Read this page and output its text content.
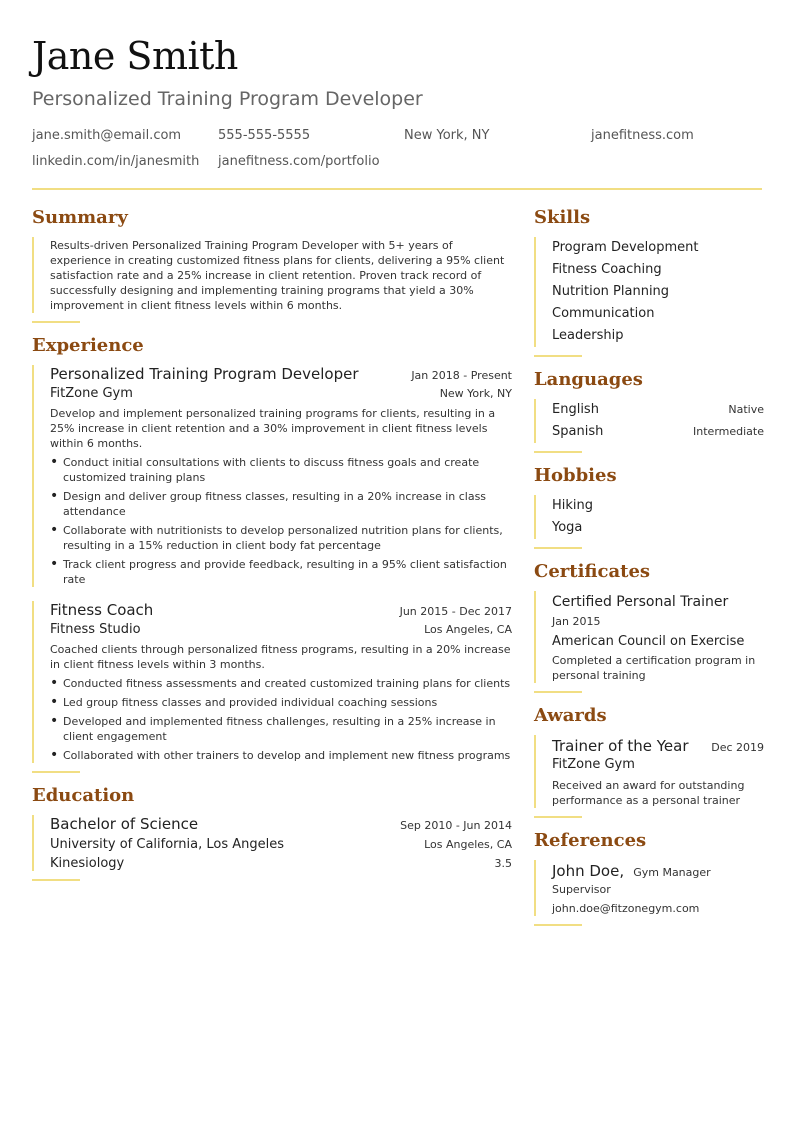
Jane Smith
Personalized Training Program Developer
jane.smith@email.com	555-555-5555	New York, NY	janefitness.com
linkedin.com/in/janesmith janefitness.com/portfolio
Summary

Results-driven Personalized Training Program Developer with 5+ years of experience in creating customized fitness plans for clients, delivering a 95% client satisfaction rate and a 25% increase in client retention. Proven track record of successfully designing and implementing training programs that yield a 30% improvement in client fitness levels within 6 months.

Experience
Personalized Training Program Developer	Jan 2018 - Present
FitZone Gym	New York, NY

Develop and implement personalized training programs for clients, resulting in a 25% increase in client retention and a 30% improvement in client fitness levels within 6 months.

• Conduct initial consultations with clients to discuss fitness goals and create customized training plans
• Design and deliver group fitness classes, resulting in a 20% increase in class attendance
• Collaborate with nutritionists to develop personalized nutrition plans for clients, resulting in a 15% reduction in client body fat percentage
• Track client progress and provide feedback, resulting in a 95% client satisfaction rate
Fitness Coach	Jun 2015 - Dec 2017
Fitness Studio	Los Angeles, CA

Coached clients through personalized fitness programs, resulting in a 20% increase in client fitness levels within 3 months.

• Conducted fitness assessments and created customized training plans for clients
• Led group fitness classes and provided individual coaching sessions
• Developed and implemented fitness challenges, resulting in a 25% increase in client engagement
• Collaborated with other trainers to develop and implement new fitness programs
Education
Bachelor of Science	Sep 2010 - Jun 2014
University of California, Los Angeles	Los Angeles, CA
Kinesiology	3.5
Skills
Program Development
Fitness Coaching
Nutrition Planning
Communication
Leadership
Languages
English	Native
Spanish	Intermediate
Hobbies
Hiking
Yoga
Certificates
Certified Personal Trainer
Jan 2015
American Council on Exercise
Completed a certification program in personal training
Awards
Trainer of the Year Dec 2019
FitZone Gym
Received an award for outstanding performance as a personal trainer
References
John Doe, Gym Manager
Supervisor
john.doe@fitzonegym.com
